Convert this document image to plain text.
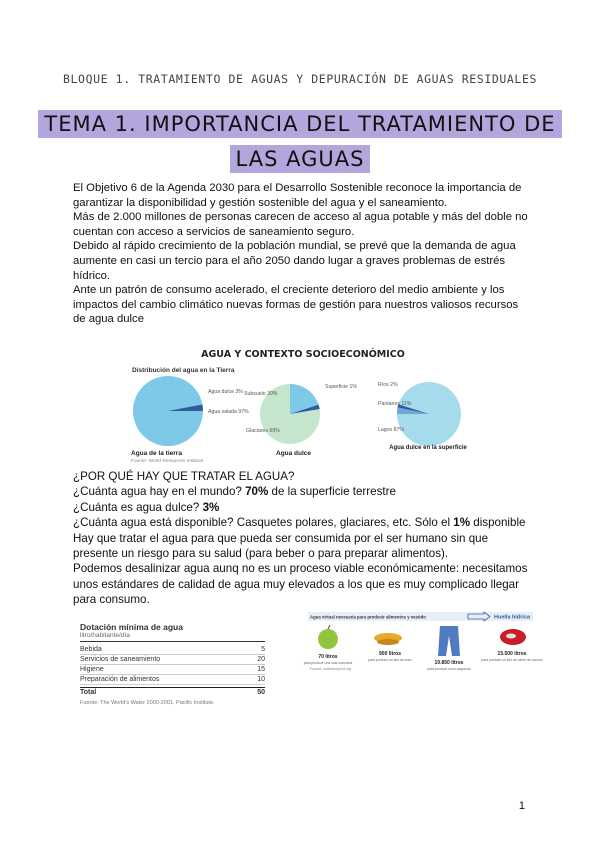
BLOQUE 1. TRATAMIENTO DE AGUAS Y DEPURACIÓN DE AGUAS RESIDUALES
TEMA 1. IMPORTANCIA DEL TRATAMIENTO DE
LAS AGUAS

El Objetivo 6 de la Agenda 2030 para el Desarrollo Sostenible reconoce la importancia de garantizar la disponibilidad y gestión sostenible del agua y el saneamiento.

Más de 2.000 millones de personas carecen de acceso al agua potable y más del doble no cuentan con acceso a servicios de saneamiento seguro.

Debido al rápido crecimiento de la población mundial, se prevé que la demanda de agua aumente en casi un tercio para el año 2050 dando lugar a graves problemas de estrés hídrico.

Ante un patrón de consumo acelerado, el creciente deterioro del medio ambiente y los impactos del cambio climático nuevas formas de gestión para nuestros valiosos recursos de agua dulce

AGUA Y CONTEXTO SOCIOECONÓMICO
Distribución del agua en la Tierra
Agua dulce 3%
Agua salada 97%
Agua de la tierra
Subsuelo 30%
Superficie 1%
Glaciares 69%
Agua dulce
Ríos 2%
Pantanos 11%
Lagos 87%
Agua dulce en la superficie
Fuente: World Resources Institute

¿POR QUÉ HAY QUE TRATAR EL AGUA?

¿Cuánta agua hay en el mundo? 70% de la superficie terrestre

¿Cuánta es agua dulce? 3%

¿Cuánta agua está disponible? Casquetes polares, glaciares, etc. Sólo el 1% disponible

Hay que tratar el agua para que pueda ser consumida por el ser humano sin que presente un riesgo para su salud (para beber o para preparar alimentos).

Podemos desalinizar agua aunq no es un proceso viable económicamente: necesitamos unos estándares de calidad de agua muy elevados a los que es muy complicado llegar para consumo.

Dotación mínima de agua
litro/habitante/día
Bebida	5
Servicios de saneamiento	20
Higiene	15
Preparación de alimentos	10
Total	50
Fuente: The World's Water 2000-2001, Pacific Institute.
Agua virtual necesaria para producir alimentos y vestido	Huella hídrica
70 litros
para producir una sola manzana
900 litros
para producir un kilo de maíz	10.850 litros
para producir unos vaqueros
15.500 litros
para producir un kilo de carne de vacuno
Fuente: waterfootprint.org
1
